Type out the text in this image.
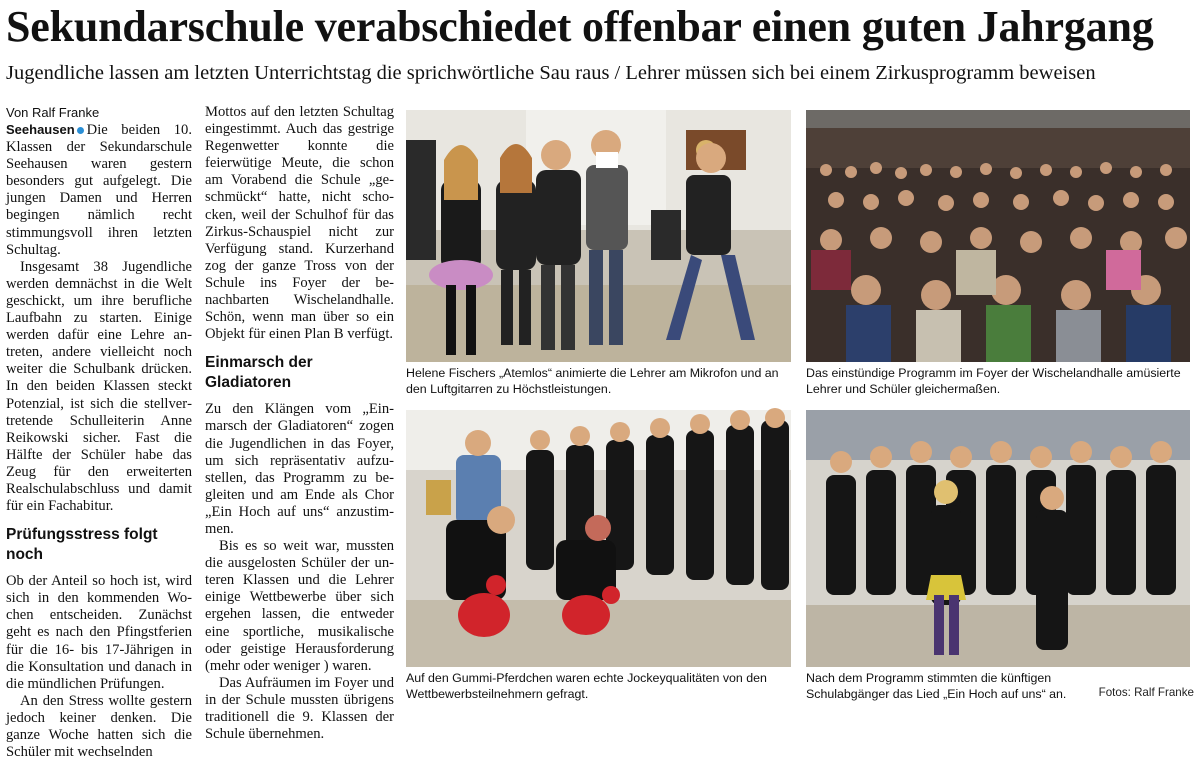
Sekundarschule verabschiedet offenbar einen guten Jahrgang
Jugendliche lassen am letzten Unterrichtstag die sprichwörtliche Sau raus / Lehrer müssen sich bei einem Zirkusprogramm beweisen
Von Ralf Franke

Seehausen Die beiden 10. Klassen der Sekundarschule Seehausen waren gestern besonders gut aufgelegt. Die jungen Damen und Herren begingen nämlich recht stimmungsvoll ihren letzten Schultag.

Insgesamt 38 Jugendliche werden demnächst in die Welt geschickt, um ihre berufliche Laufbahn zu starten. Einige werden dafür eine Lehre antreten, andere vielleicht noch weiter die Schulbank drücken. In den beiden Klassen steckt Potenzial, ist sich die stellvertretende Schulleiterin Anne Reikowski sicher. Fast die Hälfte der Schüler habe das Zeug für den erweiterten Realschulabschluss und damit für ein Fachabitur.

Prüfungsstress folgt noch

Ob der Anteil so hoch ist, wird sich in den kommenden Wochen entscheiden. Zunächst geht es nach den Pfingstferien für die 16- bis 17-Jährigen in die Konsultation und danach in die mündlichen Prüfungen.

An den Stress wollte gestern jedoch keiner denken. Die ganze Woche hatten sich die Schüler mit wechselnden

Mottos auf den letzten Schultag eingestimmt. Auch das gestrige Regenwetter konnte die feierwütige Meute, die schon am Vorabend die Schule „geschmückt“ hatte, nicht schocken, weil der Schulhof für das Zirkus-Schauspiel nicht zur Verfügung stand. Kurzerhand zog der ganze Tross von der Schule ins Foyer der benachbarten Wischelandhalle. Schön, wenn man über so ein Objekt für einen Plan B verfügt.

Einmarsch der Gladiatoren

Zu den Klängen vom „Einmarsch der Gladiatoren“ zogen die Jugendlichen in das Foyer, um sich repräsentativ aufzustellen, das Programm zu begleiten und am Ende als Chor „Ein Hoch auf uns“ anzustimmen.

Bis es so weit war, mussten die ausgelosten Schüler der unteren Klassen und die Lehrer einige Wettbewerbe über sich ergehen lassen, die entweder eine sportliche, musikalische oder geistige Herausforderung (mehr oder weniger ) waren.

Das Aufräumen im Foyer und in der Schule mussten übrigens traditionell die 9. Klassen der Schule übernehmen.

Helene Fischers „Atemlos“ animierte die Lehrer am Mikrofon und an den Luftgitarren zu Höchstleistungen.
Das einstündige Programm im Foyer der Wischelandhalle amüsierte Lehrer und Schüler gleichermaßen.
Auf den Gummi-Pferdchen waren echte Jockeyqualitäten von den Wettbewerbsteilnehmern gefragt.
Nach dem Programm stimmten die künftigen Schulabgänger das Lied „Ein Hoch auf uns“ an.	Fotos: Ralf Franke
